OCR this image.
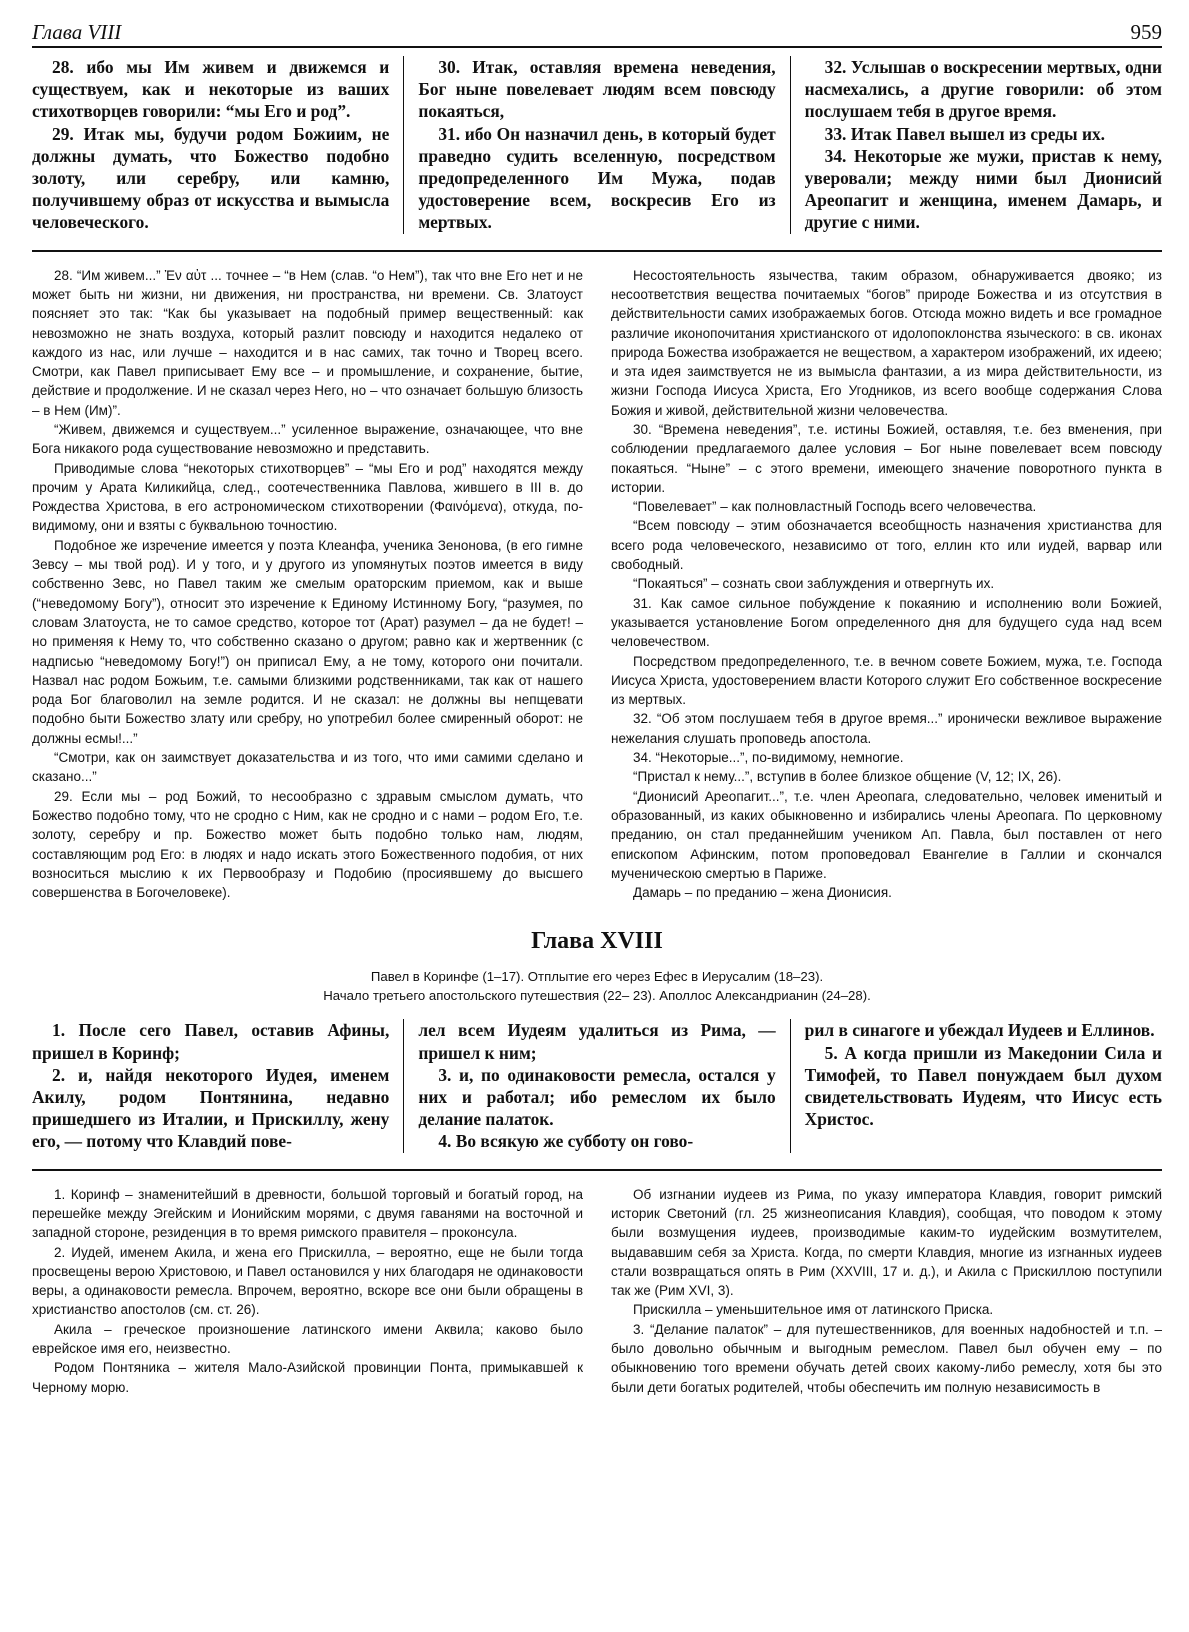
Глава VIII	959

28. ибо мы Им живем и движемся и существуем, как и некоторые из ваших стихотворцев говорили: “мы Его и род”.

29. Итак мы, будучи родом Божиим, не должны думать, что Божество подобно золоту, или серебру, или камню, получившему образ от искусства и вымысла человеческого.

30. Итак, оставляя времена неведения, Бог ныне повелевает людям всем повсюду покаяться,

31. ибо Он назначил день, в который будет праведно судить вселенную, посредством предопределенного Им Мужа, подав удостоверение всем, воскресив Его из мертвых.

32. Услышав о воскресении мертвых, одни насмехались, а другие говорили: об этом послушаем тебя в другое время.

33. Итак Павел вышел из среды их.

34. Некоторые же мужи, пристав к нему, уверовали; между ними был Дионисий Ареопагит и женщина, именем Дамарь, и другие с ними.

28. “Им живем...” Ἐν αὐτ ... точнее – “в Нем (слав. “о Нем”), так что вне Его нет и не может быть ни жизни, ни движения, ни пространства, ни времени. Св. Златоуст поясняет это так: “Как бы указывает на подобный пример вещественный: как невозможно не знать воздуха, который разлит повсюду и находится недалеко от каждого из нас, или лучше – находится и в нас самих, так точно и Творец всего. Смотри, как Павел приписывает Ему все – и промышление, и сохранение, бытие, действие и продолжение. И не сказал через Него, но – что означает большую близость – в Нем (Им)”.

“Живем, движемся и существуем...” усиленное выражение, означающее, что вне Бога никакого рода существование невозможно и представить.

Приводимые слова “некоторых стихотворцев” – “мы Его и род” находятся между прочим у Арата Киликийца, след., соотечественника Павлова, жившего в III в. до Рождества Христова, в его астрономическом стихотворении (Φαινόμενα), откуда, по-видимому, они и взяты с буквальною точностию.

Подобное же изречение имеется у поэта Клеанфа, ученика Зенонова, (в его гимне Зевсу – мы твой род). И у того, и у другого из упомянутых поэтов имеется в виду собственно Зевс, но Павел таким же смелым ораторским приемом, как и выше (“неведомому Богу”), относит это изречение к Единому Истинному Богу, “разумея, по словам Златоуста, не то самое средство, которое тот (Арат) разумел – да не будет! – но применяя к Нему то, что собственно сказано о другом; равно как и жертвенник (с надписью “неведомому Богу!”) он приписал Ему, а не тому, которого они почитали. Назвал нас родом Божьим, т.е. самыми близкими родственниками, так как от нашего рода Бог благоволил на земле родится. И не сказал: не должны вы непщевати подобно быти Божество злату или сребру, но употребил более смиренный оборот: не должны есмы!...”

“Смотри, как он заимствует доказательства и из того, что ими самими сделано и сказано...”

29. Если мы – род Божий, то несообразно с здравым смыслом думать, что Божество подобно тому, что не сродно с Ним, как не сродно и с нами – родом Его, т.е. золоту, серебру и пр. Божество может быть подобно только нам, людям, составляющим род Его: в людях и надо искать этого Божественного подобия, от них возноситься мыслию к их Первообразу и Подобию (просиявшему до высшего совершенства в Богочеловеке).

Несостоятельность язычества, таким образом, обнаруживается двояко; из несоответствия вещества почитаемых “богов” природе Божества и из отсутствия в действительности самих изображаемых богов. Отсюда можно видеть и все громадное различие иконопочитания христианского от идолопоклонства языческого: в св. иконах природа Божества изображается не веществом, а характером изображений, их идеею; и эта идея заимствуется не из вымысла фантазии, а из мира действительности, из жизни Господа Иисуса Христа, Его Угодников, из всего вообще содержания Слова Божия и живой, действительной жизни человечества.

30. “Времена неведения”, т.е. истины Божией, оставляя, т.е. без вменения, при соблюдении предлагаемого далее условия – Бог ныне повелевает всем повсюду покаяться. “Ныне” – с этого времени, имеющего значение поворотного пункта в истории.

“Повелевает” – как полновластный Господь всего человечества.

“Всем повсюду – этим обозначается всеобщность назначения христианства для всего рода человеческого, независимо от того, еллин кто или иудей, варвар или свободный.

“Покаяться” – сознать свои заблуждения и отвергнуть их.

31. Как самое сильное побуждение к покаянию и исполнению воли Божией, указывается установление Богом определенного дня для будущего суда над всем человечеством.

Посредством предопределенного, т.е. в вечном совете Божием, мужа, т.е. Господа Иисуса Христа, удостоверением власти Которого служит Его собственное воскресение из мертвых.

32. “Об этом послушаем тебя в другое время...” иронически вежливое выражение нежелания слушать проповедь апостола.

34. “Некоторые...”, по-видимому, немногие.

“Пристал к нему...”, вступив в более близкое общение (V, 12; IX, 26).

“Дионисий Ареопагит...”, т.е. член Ареопага, следовательно, человек именитый и образованный, из каких обыкновенно и избирались члены Ареопага. По церковному преданию, он стал преданнейшим учеником Ап. Павла, был поставлен от него епископом Афинским, потом проповедовал Евангелие в Галлии и скончался мученическою смертью в Париже.

Дамарь – по преданию – жена Дионисия.

Глава XVIII
Павел в Коринфе (1–17). Отплытие его через Ефес в Иерусалим (18–23).
Начало третьего апостольского путешествия (22– 23). Аполлос Александрианин (24–28).

1. После сего Павел, оставив Афины, пришел в Коринф;

2. и, найдя некоторого Иудея, именем Акилу, родом Понтянина, недавно пришедшего из Италии, и Прискиллу, жену его, — потому что Клавдий пове-

лел всем Иудеям удалиться из Рима, — пришел к ним;

3. и, по одинаковости ремесла, остался у них и работал; ибо ремеслом их было делание палаток.

4. Во всякую же субботу он гово-

рил в синагоге и убеждал Иудеев и Еллинов.

5. А когда пришли из Македонии Сила и Тимофей, то Павел понуждаем был духом свидетельствовать Иудеям, что Иисус есть Христос.

1. Коринф – знаменитейший в древности, большой торговый и богатый город, на перешейке между Эгейским и Ионийским морями, с двумя гаванями на восточной и западной стороне, резиденция в то время римского правителя – проконсула.

2. Иудей, именем Акила, и жена его Прискилла, – вероятно, еще не были тогда просвещены верою Христовою, и Павел остановился у них благодаря не одинаковости веры, а одинаковости ремесла. Впрочем, вероятно, вскоре все они были обращены в христианство апостолов (см. ст. 26).

Акила – греческое произношение латинского имени Аквила; каково было еврейское имя его, неизвестно.

Родом Понтяника – жителя Мало-Азийской провинции Понта, примыкавшей к Черному морю.

Об изгнании иудеев из Рима, по указу императора Клавдия, говорит римский историк Светоний (гл. 25 жизнеописания Клавдия), сообщая, что поводом к этому были возмущения иудеев, производимые каким-то иудейским возмутителем, выдававшим себя за Христа. Когда, по смерти Клавдия, многие из изгнанных иудеев стали возвращаться опять в Рим (XXVIII, 17 и. д.), и Акила с Прискиллою поступили так же (Рим XVI, 3).

Прискилла – уменьшительное имя от латинского Приска.

3. “Делание палаток” – для путешественников, для военных надобностей и т.п. – было довольно обычным и выгодным ремеслом. Павел был обучен ему – по обыкновению того времени обучать детей своих какому-либо ремеслу, хотя бы это были дети богатых родителей, чтобы обеспечить им полную независимость в
